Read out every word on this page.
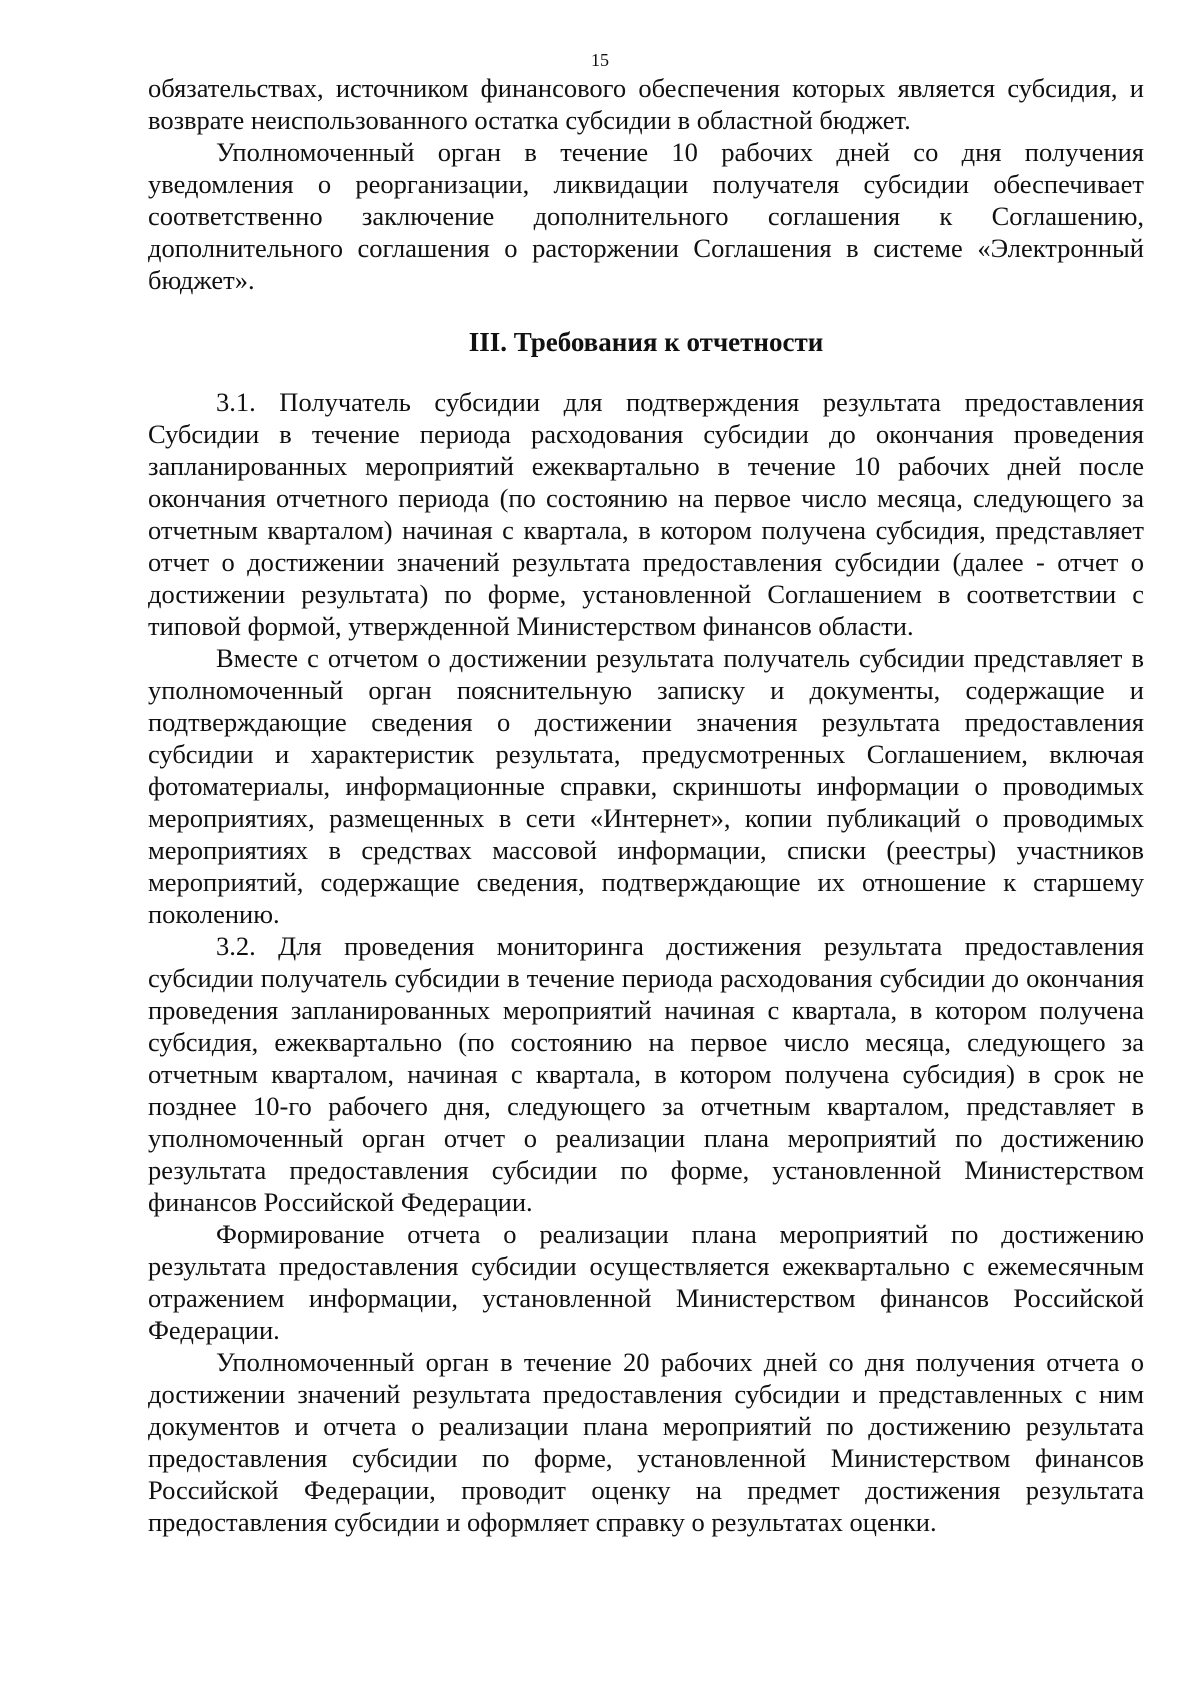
15

обязательствах, источником финансового обеспечения которых является субсидия, и возврате неиспользованного остатка субсидии в областной бюджет.

Уполномоченный орган в течение 10 рабочих дней со дня получения уведомления о реорганизации, ликвидации получателя субсидии обеспечивает соответственно заключение дополнительного соглашения к Соглашению, дополнительного соглашения о расторжении Соглашения в системе «Электронный бюджет».

III. Требования к отчетности

3.1. Получатель субсидии для подтверждения результата предоставления Субсидии в течение периода расходования субсидии до окончания проведения запланированных мероприятий ежеквартально в течение 10 рабочих дней после окончания отчетного периода (по состоянию на первое число месяца, следующего за отчетным кварталом) начиная с квартала, в котором получена субсидия, представляет отчет о достижении значений результата предоставления субсидии (далее - отчет о достижении результата) по форме, установленной Соглашением в соответствии с типовой формой, утвержденной Министерством финансов области.

Вместе с отчетом о достижении результата получатель субсидии представляет в уполномоченный орган пояснительную записку и документы, содержащие и подтверждающие сведения о достижении значения результата предоставления субсидии и характеристик результата, предусмотренных Соглашением, включая фотоматериалы, информационные справки, скриншоты информации о проводимых мероприятиях, размещенных в сети «Интернет», копии публикаций о проводимых мероприятиях в средствах массовой информации, списки (реестры) участников мероприятий, содержащие сведения, подтверждающие их отношение к старшему поколению.

3.2. Для проведения мониторинга достижения результата предоставления субсидии получатель субсидии в течение периода расходования субсидии до окончания проведения запланированных мероприятий начиная с квартала, в котором получена субсидия, ежеквартально (по состоянию на первое число месяца, следующего за отчетным кварталом, начиная с квартала, в котором получена субсидия) в срок не позднее 10-го рабочего дня, следующего за отчетным кварталом, представляет в уполномоченный орган отчет о реализации плана мероприятий по достижению результата предоставления субсидии по форме, установленной Министерством финансов Российской Федерации.

Формирование отчета о реализации плана мероприятий по достижению результата предоставления субсидии осуществляется ежеквартально с ежемесячным отражением информации, установленной Министерством финансов Российской Федерации.

Уполномоченный орган в течение 20 рабочих дней со дня получения отчета о достижении значений результата предоставления субсидии и представленных с ним документов и отчета о реализации плана мероприятий по достижению результата предоставления субсидии по форме, установленной Министерством финансов Российской Федерации, проводит оценку на предмет достижения результата предоставления субсидии и оформляет справку о результатах оценки.
